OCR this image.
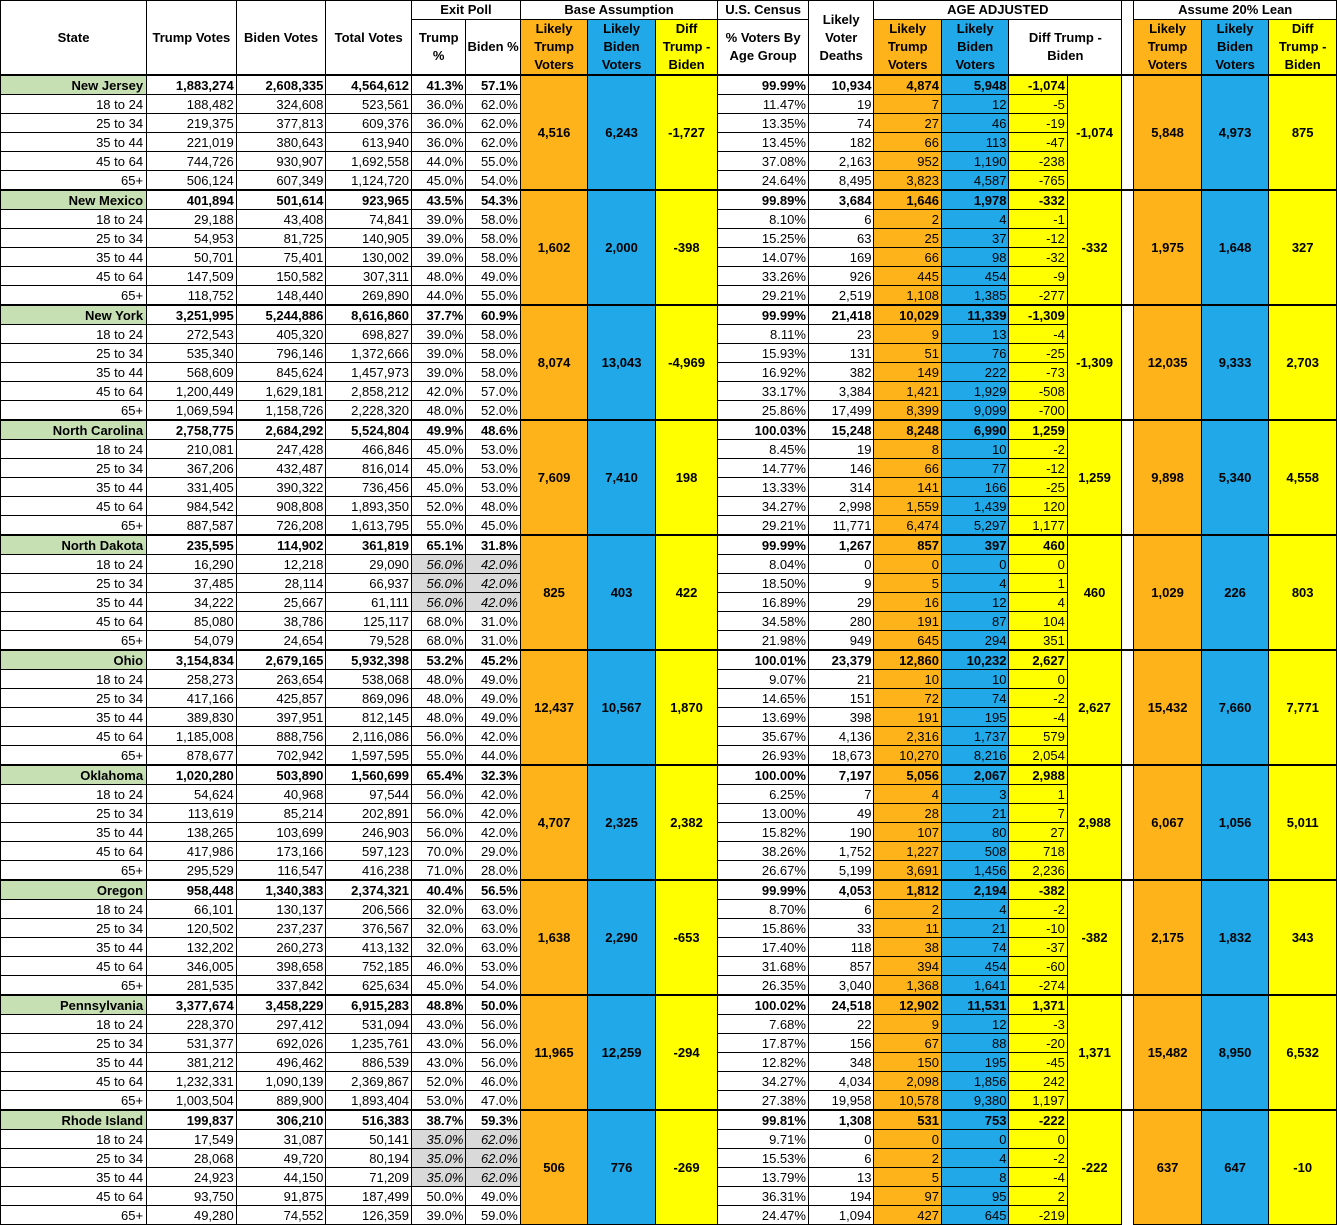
State	Trump Votes	Biden Votes	Total Votes	Exit Poll		Base Assumption			U.S. Census	Likely Voter Deaths	AGE ADJUSTED					Assume 20% Lean		
				Trump %	Biden %	Likely Trump Voters	Likely Biden Voters	Diff Trump - Biden	% Voters By Age Group		Likely Trump Voters	Likely Biden Voters	Diff Trump - Biden			Likely Trump Voters	Likely Biden Voters	Diff Trump - Biden

New Jersey	1,883,274	2,608,335	4,564,612	41.3%	57.1%	4,516	6,243	-1,727	99.99%	10,934	4,874	5,948	-1,074	-1,074		5,848	4,973	875
18 to 24	188,482	324,608	523,561	36.0%	62.0%				11.47%	19	7	12	-5					
25 to 34	219,375	377,813	609,376	36.0%	62.0%				13.35%	74	27	46	-19					
35 to 44	221,019	380,643	613,940	36.0%	62.0%				13.45%	182	66	113	-47					
45 to 64	744,726	930,907	1,692,558	44.0%	55.0%				37.08%	2,163	952	1,190	-238					
65+	506,124	607,349	1,124,720	45.0%	54.0%				24.64%	8,495	3,823	4,587	-765					
New Mexico	401,894	501,614	923,965	43.5%	54.3%	1,602	2,000	-398	99.89%	3,684	1,646	1,978	-332	-332		1,975	1,648	327
18 to 24	29,188	43,408	74,841	39.0%	58.0%				8.10%	6	2	4	-1					
25 to 34	54,953	81,725	140,905	39.0%	58.0%				15.25%	63	25	37	-12					
35 to 44	50,701	75,401	130,002	39.0%	58.0%				14.07%	169	66	98	-32					
45 to 64	147,509	150,582	307,311	48.0%	49.0%				33.26%	926	445	454	-9					
65+	118,752	148,440	269,890	44.0%	55.0%				29.21%	2,519	1,108	1,385	-277					
New York	3,251,995	5,244,886	8,616,860	37.7%	60.9%	8,074	13,043	-4,969	99.99%	21,418	10,029	11,339	-1,309	-1,309		12,035	9,333	2,703
18 to 24	272,543	405,320	698,827	39.0%	58.0%				8.11%	23	9	13	-4					
25 to 34	535,340	796,146	1,372,666	39.0%	58.0%				15.93%	131	51	76	-25					
35 to 44	568,609	845,624	1,457,973	39.0%	58.0%				16.92%	382	149	222	-73					
45 to 64	1,200,449	1,629,181	2,858,212	42.0%	57.0%				33.17%	3,384	1,421	1,929	-508					
65+	1,069,594	1,158,726	2,228,320	48.0%	52.0%				25.86%	17,499	8,399	9,099	-700					
North Carolina	2,758,775	2,684,292	5,524,804	49.9%	48.6%	7,609	7,410	198	100.03%	15,248	8,248	6,990	1,259	1,259		9,898	5,340	4,558
18 to 24	210,081	247,428	466,846	45.0%	53.0%				8.45%	19	8	10	-2					
25 to 34	367,206	432,487	816,014	45.0%	53.0%				14.77%	146	66	77	-12					
35 to 44	331,405	390,322	736,456	45.0%	53.0%				13.33%	314	141	166	-25					
45 to 64	984,542	908,808	1,893,350	52.0%	48.0%				34.27%	2,998	1,559	1,439	120					
65+	887,587	726,208	1,613,795	55.0%	45.0%				29.21%	11,771	6,474	5,297	1,177					
North Dakota	235,595	114,902	361,819	65.1%	31.8%	825	403	422	99.99%	1,267	857	397	460	460		1,029	226	803
18 to 24	16,290	12,218	29,090	56.0%	42.0%				8.04%	0	0	0	0					
25 to 34	37,485	28,114	66,937	56.0%	42.0%				18.50%	9	5	4	1					
35 to 44	34,222	25,667	61,111	56.0%	42.0%				16.89%	29	16	12	4					
45 to 64	85,080	38,786	125,117	68.0%	31.0%				34.58%	280	191	87	104					
65+	54,079	24,654	79,528	68.0%	31.0%				21.98%	949	645	294	351					
Ohio	3,154,834	2,679,165	5,932,398	53.2%	45.2%	12,437	10,567	1,870	100.01%	23,379	12,860	10,232	2,627	2,627		15,432	7,660	7,771
18 to 24	258,273	263,654	538,068	48.0%	49.0%				9.07%	21	10	10	0					
25 to 34	417,166	425,857	869,096	48.0%	49.0%				14.65%	151	72	74	-2					
35 to 44	389,830	397,951	812,145	48.0%	49.0%				13.69%	398	191	195	-4					
45 to 64	1,185,008	888,756	2,116,086	56.0%	42.0%				35.67%	4,136	2,316	1,737	579					
65+	878,677	702,942	1,597,595	55.0%	44.0%				26.93%	18,673	10,270	8,216	2,054					
Oklahoma	1,020,280	503,890	1,560,699	65.4%	32.3%	4,707	2,325	2,382	100.00%	7,197	5,056	2,067	2,988	2,988		6,067	1,056	5,011
18 to 24	54,624	40,968	97,544	56.0%	42.0%				6.25%	7	4	3	1					
25 to 34	113,619	85,214	202,891	56.0%	42.0%				13.00%	49	28	21	7					
35 to 44	138,265	103,699	246,903	56.0%	42.0%				15.82%	190	107	80	27					
45 to 64	417,986	173,166	597,123	70.0%	29.0%				38.26%	1,752	1,227	508	718					
65+	295,529	116,547	416,238	71.0%	28.0%				26.67%	5,199	3,691	1,456	2,236					
Oregon	958,448	1,340,383	2,374,321	40.4%	56.5%	1,638	2,290	-653	99.99%	4,053	1,812	2,194	-382	-382		2,175	1,832	343
18 to 24	66,101	130,137	206,566	32.0%	63.0%				8.70%	6	2	4	-2					
25 to 34	120,502	237,237	376,567	32.0%	63.0%				15.86%	33	11	21	-10					
35 to 44	132,202	260,273	413,132	32.0%	63.0%				17.40%	118	38	74	-37					
45 to 64	346,005	398,658	752,185	46.0%	53.0%				31.68%	857	394	454	-60					
65+	281,535	337,842	625,634	45.0%	54.0%				26.35%	3,040	1,368	1,641	-274					
Pennsylvania	3,377,674	3,458,229	6,915,283	48.8%	50.0%	11,965	12,259	-294	100.02%	24,518	12,902	11,531	1,371	1,371		15,482	8,950	6,532
18 to 24	228,370	297,412	531,094	43.0%	56.0%				7.68%	22	9	12	-3					
25 to 34	531,377	692,026	1,235,761	43.0%	56.0%				17.87%	156	67	88	-20					
35 to 44	381,212	496,462	886,539	43.0%	56.0%				12.82%	348	150	195	-45					
45 to 64	1,232,331	1,090,139	2,369,867	52.0%	46.0%				34.27%	4,034	2,098	1,856	242					
65+	1,003,504	889,900	1,893,404	53.0%	47.0%				27.38%	19,958	10,578	9,380	1,197					
Rhode Island	199,837	306,210	516,383	38.7%	59.3%	506	776	-269	99.81%	1,308	531	753	-222	-222		637	647	-10
18 to 24	17,549	31,087	50,141	35.0%	62.0%				9.71%	0	0	0	0					
25 to 34	28,068	49,720	80,194	35.0%	62.0%				15.53%	6	2	4	-2					
35 to 44	24,923	44,150	71,209	35.0%	62.0%				13.79%	13	5	8	-4					
45 to 64	93,750	91,875	187,499	50.0%	49.0%				36.31%	194	97	95	2					
65+	49,280	74,552	126,359	39.0%	59.0%				24.47%	1,094	427	645	-219					
